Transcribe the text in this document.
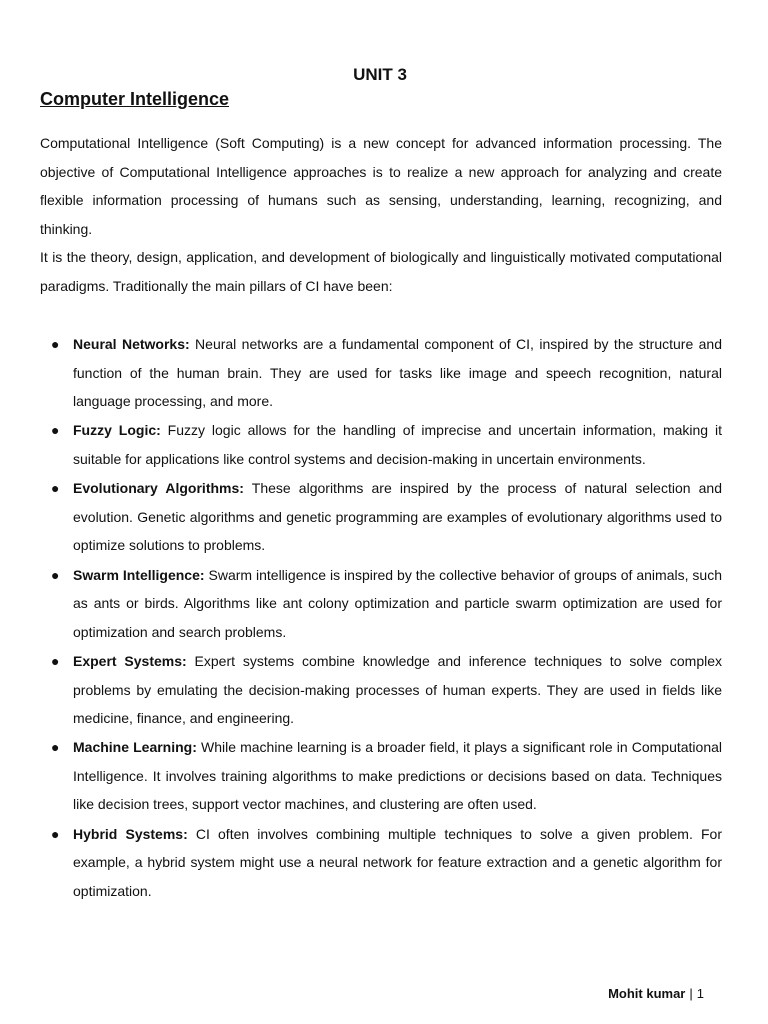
UNIT 3
Computer Intelligence

Computational Intelligence (Soft Computing) is a new concept for advanced information processing. The objective of Computational Intelligence approaches is to realize a new approach for analyzing and create flexible information processing of humans such as sensing, understanding, learning, recognizing, and thinking.

It is the theory, design, application, and development of biologically and linguistically motivated computational paradigms. Traditionally the main pillars of CI have been:

● Neural Networks: Neural networks are a fundamental component of CI, inspired by the structure and function of the human brain. They are used for tasks like image and speech recognition, natural language processing, and more.
● Fuzzy Logic: Fuzzy logic allows for the handling of imprecise and uncertain information, making it suitable for applications like control systems and decision-making in uncertain environments.
● Evolutionary Algorithms: These algorithms are inspired by the process of natural selection and evolution. Genetic algorithms and genetic programming are examples of evolutionary algorithms used to optimize solutions to problems.
● Swarm Intelligence: Swarm intelligence is inspired by the collective behavior of groups of animals, such as ants or birds. Algorithms like ant colony optimization and particle swarm optimization are used for optimization and search problems.
● Expert Systems: Expert systems combine knowledge and inference techniques to solve complex problems by emulating the decision-making processes of human experts. They are used in fields like medicine, finance, and engineering.
● Machine Learning: While machine learning is a broader field, it plays a significant role in Computational Intelligence. It involves training algorithms to make predictions or decisions based on data. Techniques like decision trees, support vector machines, and clustering are often used.
● Hybrid Systems: CI often involves combining multiple techniques to solve a given problem. For example, a hybrid system might use a neural network for feature extraction and a genetic algorithm for optimization.
Mohit kumar | 1
